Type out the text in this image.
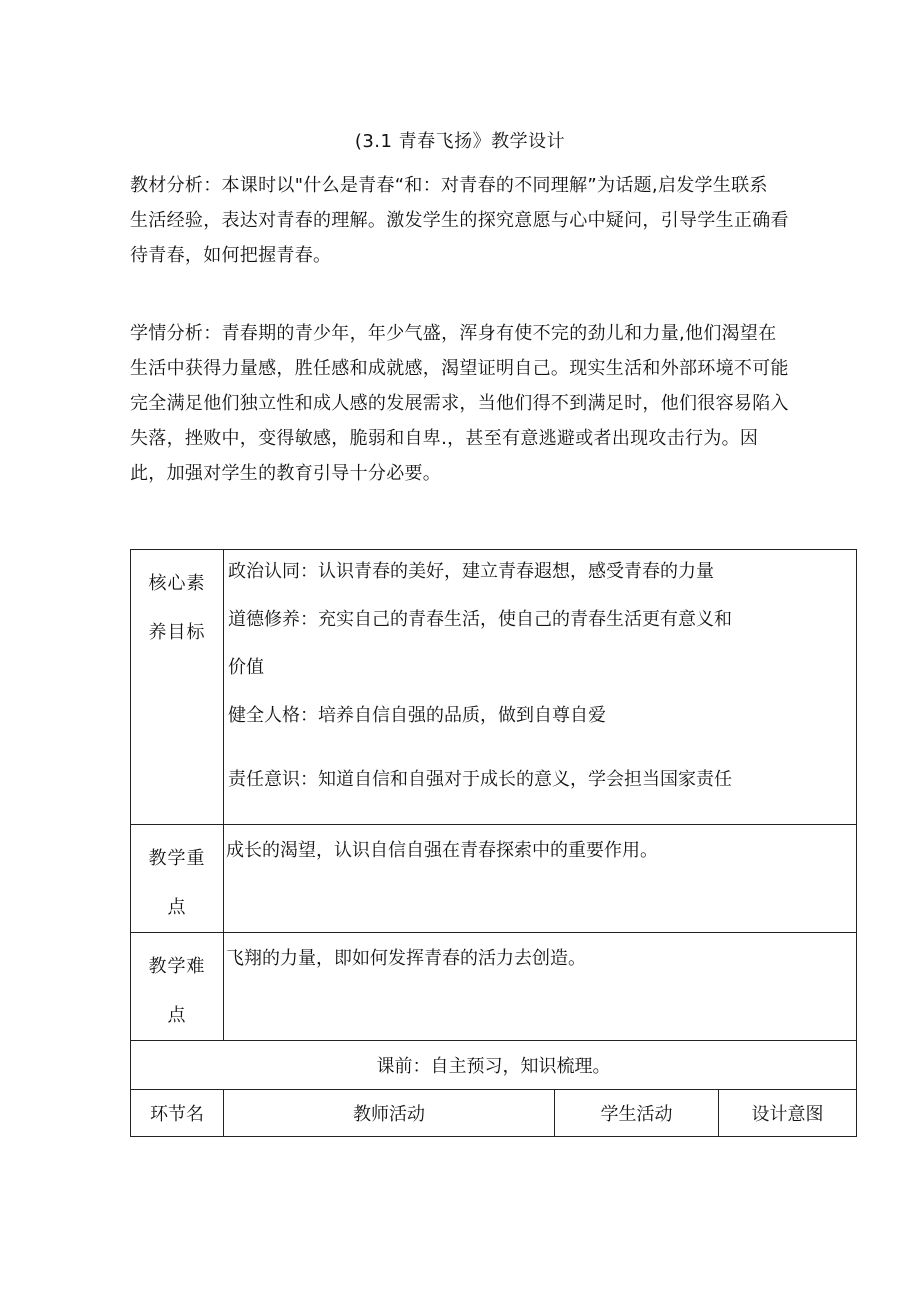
(3.1 青春飞扬》教学设计
教材分析：本课时以"什么是青春“和：对青春的不同理解”为话题,启发学生联系
生活经验，表达对青春的理解。激发学生的探究意愿与心中疑问，引导学生正确看
待青春，如何把握青春。
学情分析：青春期的青少年，年少气盛，浑身有使不完的劲儿和力量,他们渴望在
生活中获得力量感，胜任感和成就感，渴望证明自己。现实生活和外部环境不可能
完全满足他们独立性和成人感的发展需求，当他们得不到满足时，他们很容易陷入
失落，挫败中，变得敏感，脆弱和自卑.，甚至有意逃避或者出现攻击行为。因
此，加强对学生的教育引导十分必要。
核心素
养目标	政治认同：认识青春的美好，建立青春遐想，感受青春的力量
道德修养：充实自己的青春生活，使自己的青春生活更有意义和
价值
健全人格：培养自信自强的品质，做到自尊自爱
责任意识：知道自信和自强对于成长的意义，学会担当国家责任		

教学重
点	成长的渴望，认识自信自强在青春探索中的重要作用。		

教学难
点	飞翔的力量，即如何发挥青春的活力去创造。		
课前：自主预习，知识梳理。			
环节名	教师活动	学生活动	设计意图
